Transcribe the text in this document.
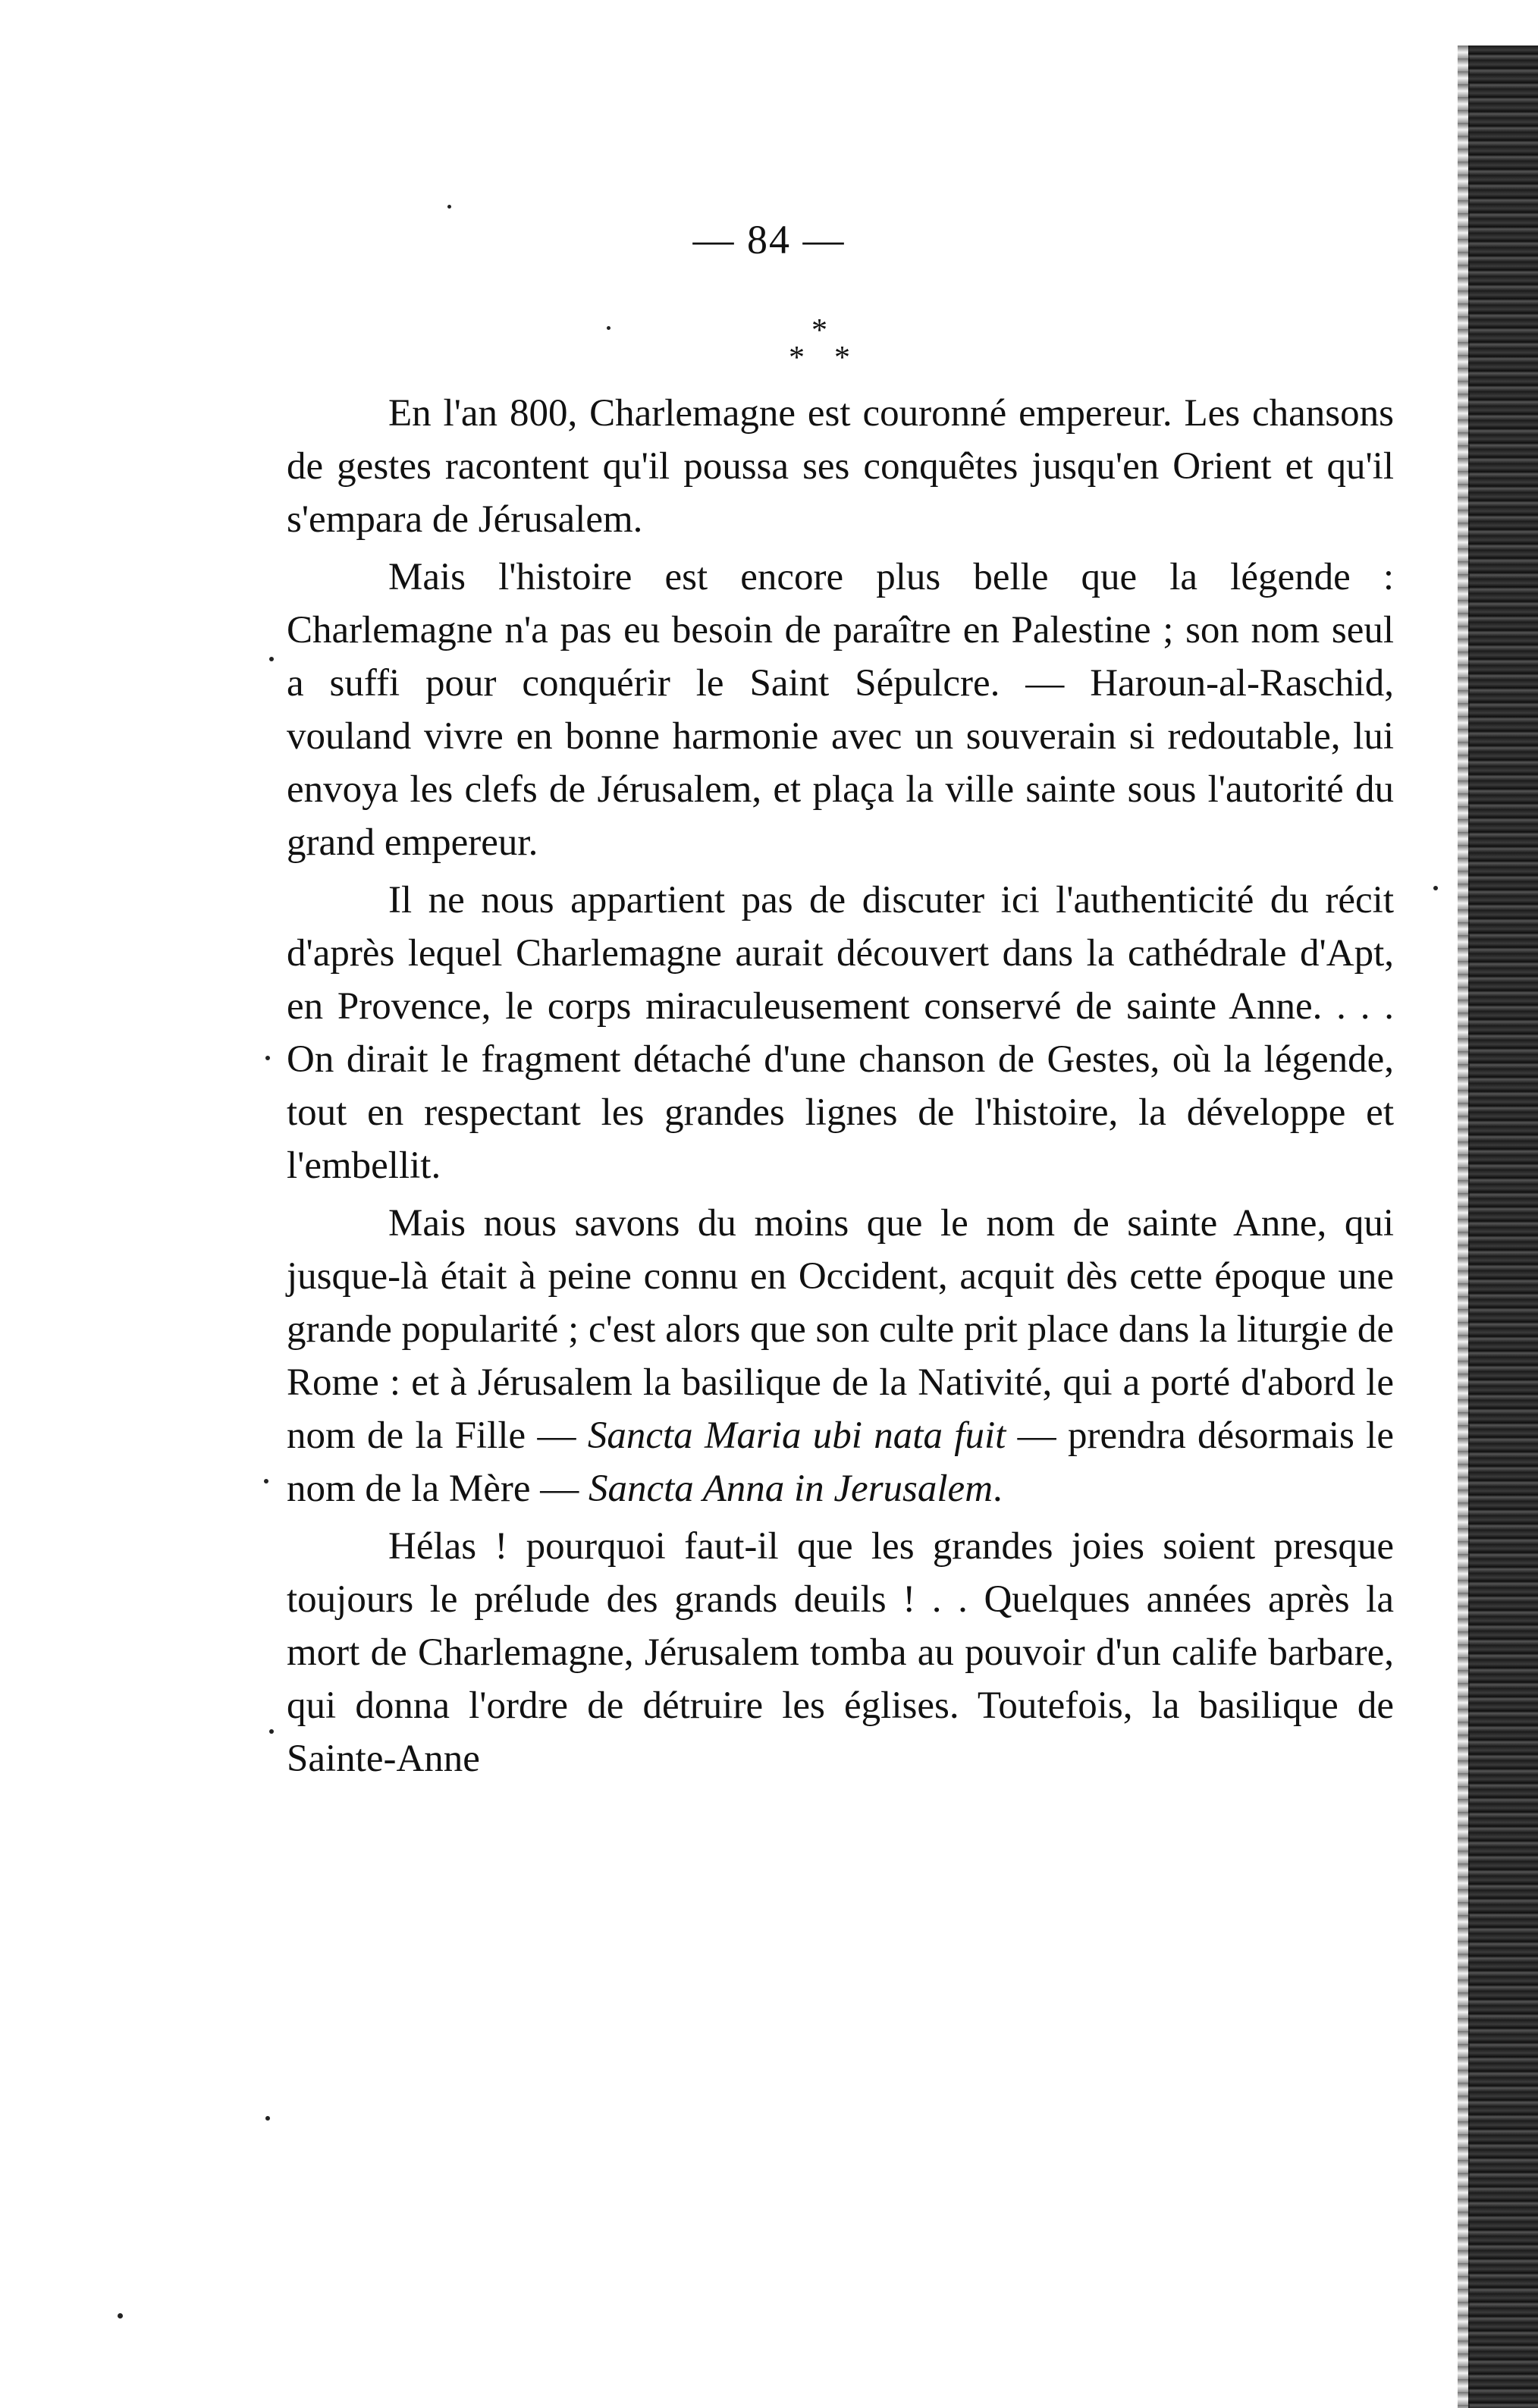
— 84 —
*
* *

En l'an 800, Charlemagne est couronné empereur. Les chansons de gestes racontent qu'il poussa ses conquêtes jusqu'en Orient et qu'il s'empara de Jérusalem.

Mais l'histoire est encore plus belle que la légende : Charlemagne n'a pas eu besoin de paraître en Palestine ; son nom seul a suffi pour conquérir le Saint Sépulcre. — Haroun-al-Raschid, vouland vivre en bonne harmonie avec un souverain si redoutable, lui envoya les clefs de Jérusalem, et plaça la ville sainte sous l'autorité du grand empereur.

Il ne nous appartient pas de discuter ici l'authenticité du récit d'après lequel Charlemagne aurait découvert dans la cathédrale d'Apt, en Provence, le corps miraculeusement conservé de sainte Anne. . . . On dirait le fragment détaché d'une chanson de Gestes, où la légende, tout en respectant les grandes lignes de l'histoire, la développe et l'embellit.

Mais nous savons du moins que le nom de sainte Anne, qui jusque-là était à peine connu en Occident, acquit dès cette époque une grande popularité ; c'est alors que son culte prit place dans la liturgie de Rome : et à Jérusalem la basilique de la Nativité, qui a porté d'abord le nom de la Fille — Sancta Maria ubi nata fuit — prendra désormais le nom de la Mère — Sancta Anna in Jerusalem.

Hélas ! pourquoi faut-il que les grandes joies soient presque toujours le prélude des grands deuils ! . . Quelques années après la mort de Charlemagne, Jérusalem tomba au pouvoir d'un calife barbare, qui donna l'ordre de détruire les églises. Toutefois, la basilique de Sainte-Anne
